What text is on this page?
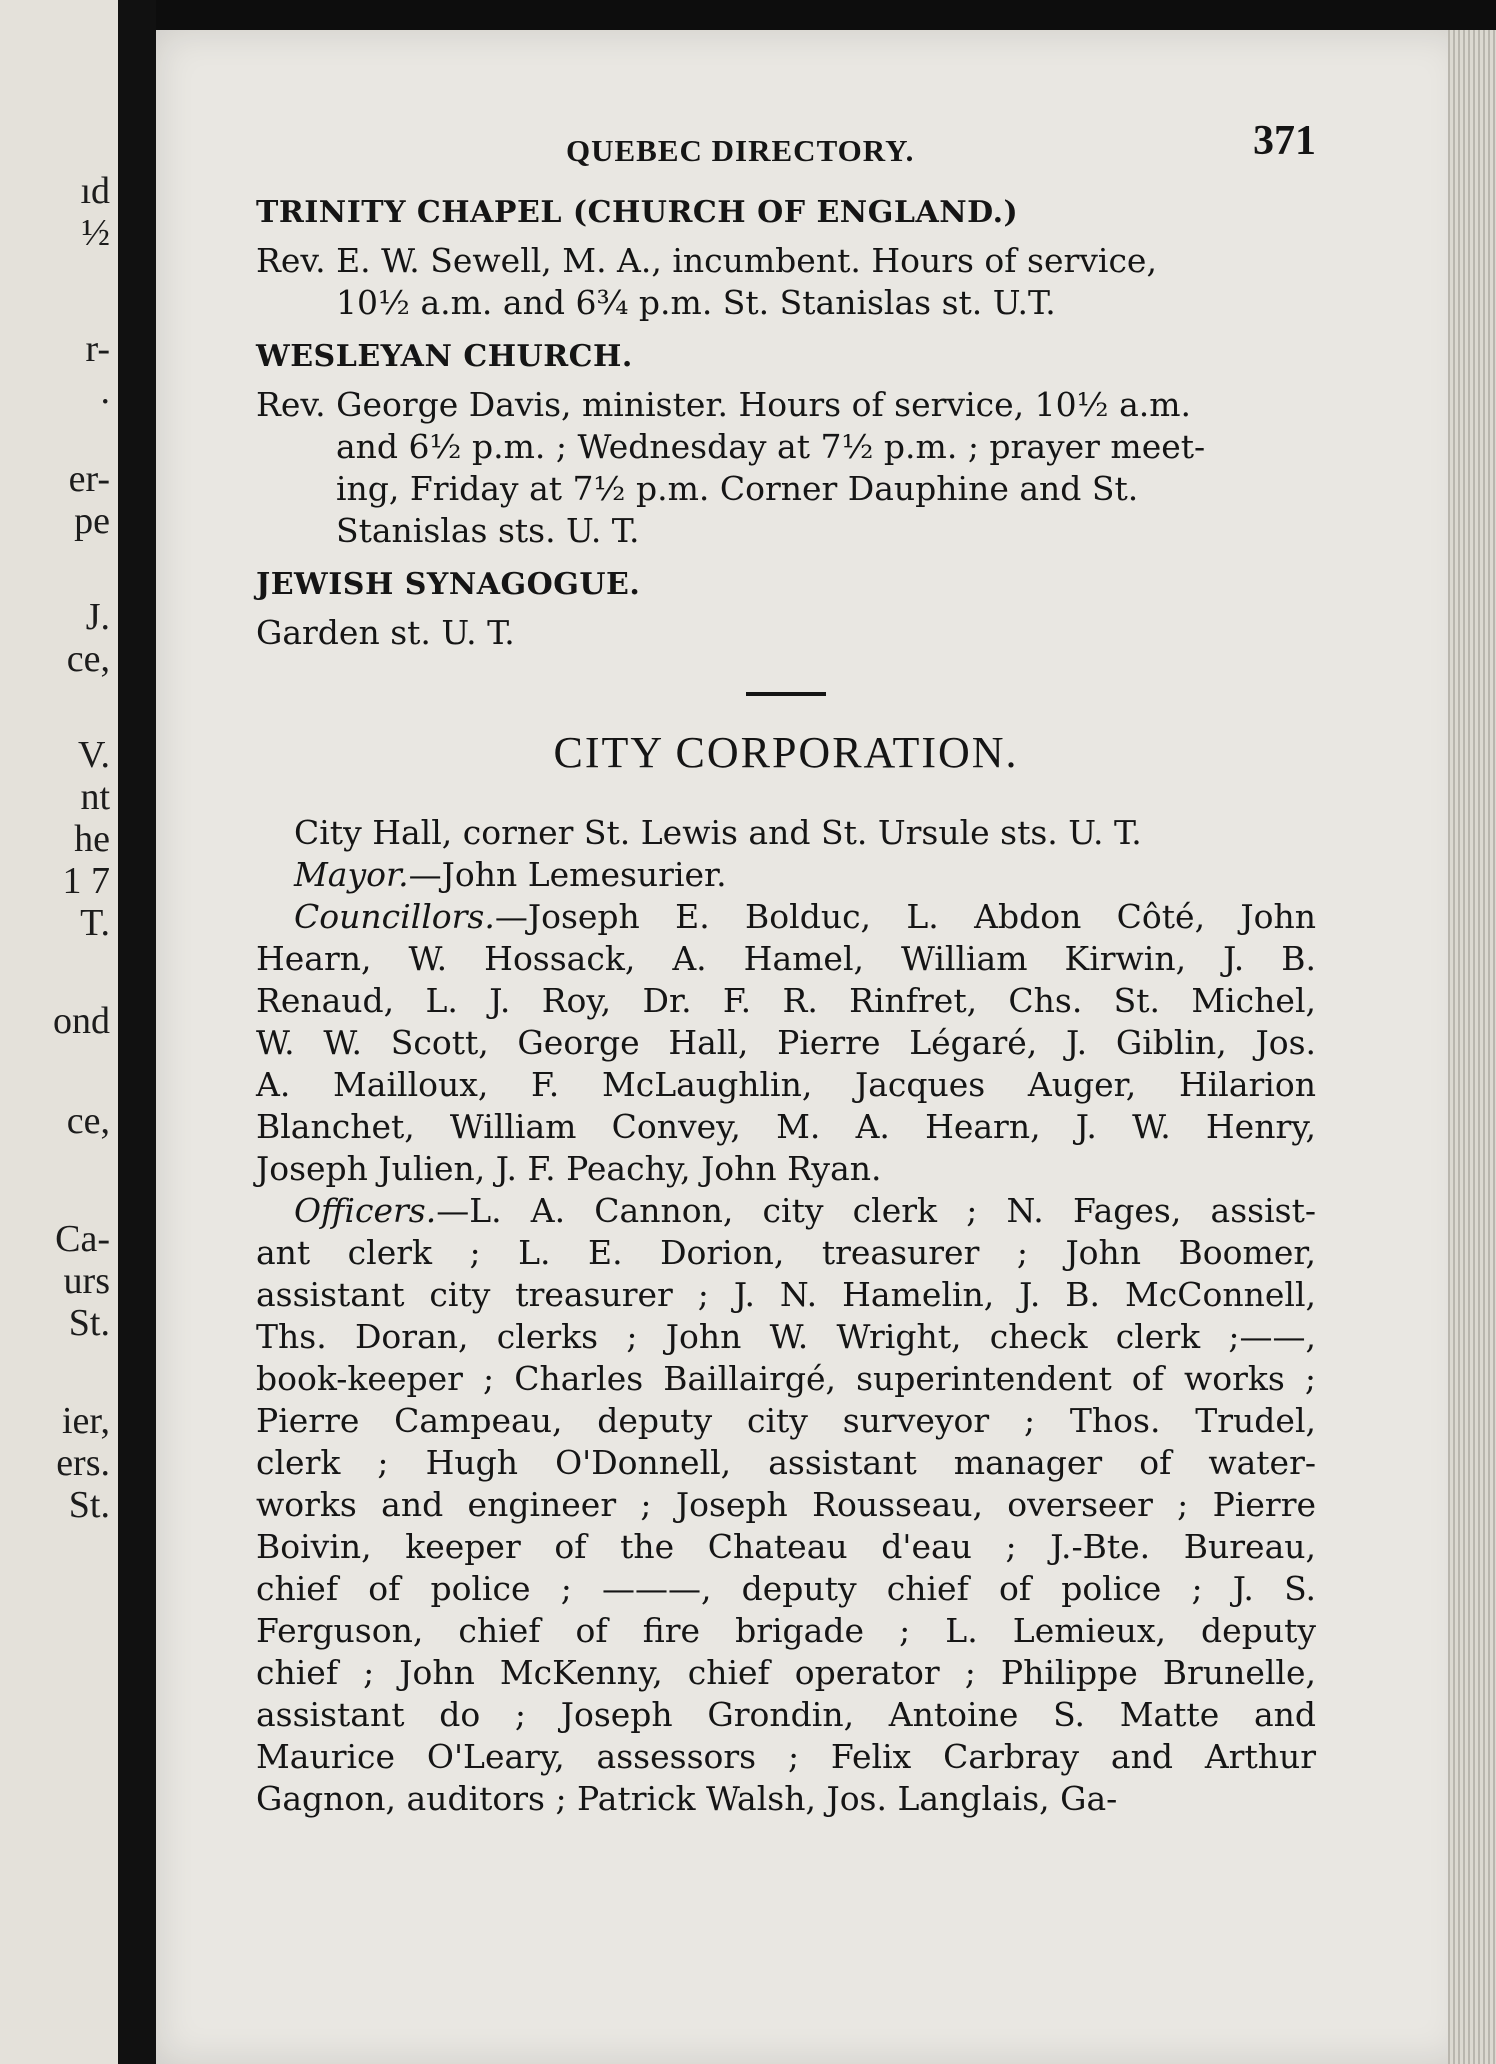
ıd
½
r-
.
er-
pe
J.
ce,
V.
nt
he
1 7
T.
ond
ce,
Ca-
urs
St.
ier,
ers.
St.
QUEBEC DIRECTORY.	371
TRINITY CHAPEL (CHURCH OF ENGLAND.)
Rev. E. W. Sewell, M. A., incumbent. Hours of service,
10½ a.m. and 6¾ p.m. St. Stanislas st. U.T.
WESLEYAN CHURCH.
Rev. George Davis, minister. Hours of service, 10½ a.m.
and 6½ p.m. ; Wednesday at 7½ p.m. ; prayer meet-
ing, Friday at 7½ p.m. Corner Dauphine and St.
Stanislas sts. U. T.
JEWISH SYNAGOGUE.
Garden st. U. T.
CITY CORPORATION.
City Hall, corner St. Lewis and St. Ursule sts. U. T.
Mayor.—John Lemesurier.
Councillors.—Joseph E. Bolduc, L. Abdon Côté, John
Hearn, W. Hossack, A. Hamel, William Kirwin, J. B.
Renaud, L. J. Roy, Dr. F. R. Rinfret, Chs. St. Michel,
W. W. Scott, George Hall, Pierre Légaré, J. Giblin, Jos.
A. Mailloux, F. McLaughlin, Jacques Auger, Hilarion
Blanchet, William Convey, M. A. Hearn, J. W. Henry,
Joseph Julien, J. F. Peachy, John Ryan.
Officers.—L. A. Cannon, city clerk ; N. Fages, assist-
ant clerk ; L. E. Dorion, treasurer ; John Boomer,
assistant city treasurer ; J. N. Hamelin, J. B. McConnell,
Ths. Doran, clerks ; John W. Wright, check clerk ;——,
book-keeper ; Charles Baillairgé, superintendent of works ;
Pierre Campeau, deputy city surveyor ; Thos. Trudel,
clerk ; Hugh O'Donnell, assistant manager of water-
works and engineer ; Joseph Rousseau, overseer ; Pierre
Boivin, keeper of the Chateau d'eau ; J.-Bte. Bureau,
chief of police ; ———, deputy chief of police ; J. S.
Ferguson, chief of fire brigade ; L. Lemieux, deputy
chief ; John McKenny, chief operator ; Philippe Brunelle,
assistant do ; Joseph Grondin, Antoine S. Matte and
Maurice O'Leary, assessors ; Felix Carbray and Arthur
Gagnon, auditors ; Patrick Walsh, Jos. Langlais, Ga-
